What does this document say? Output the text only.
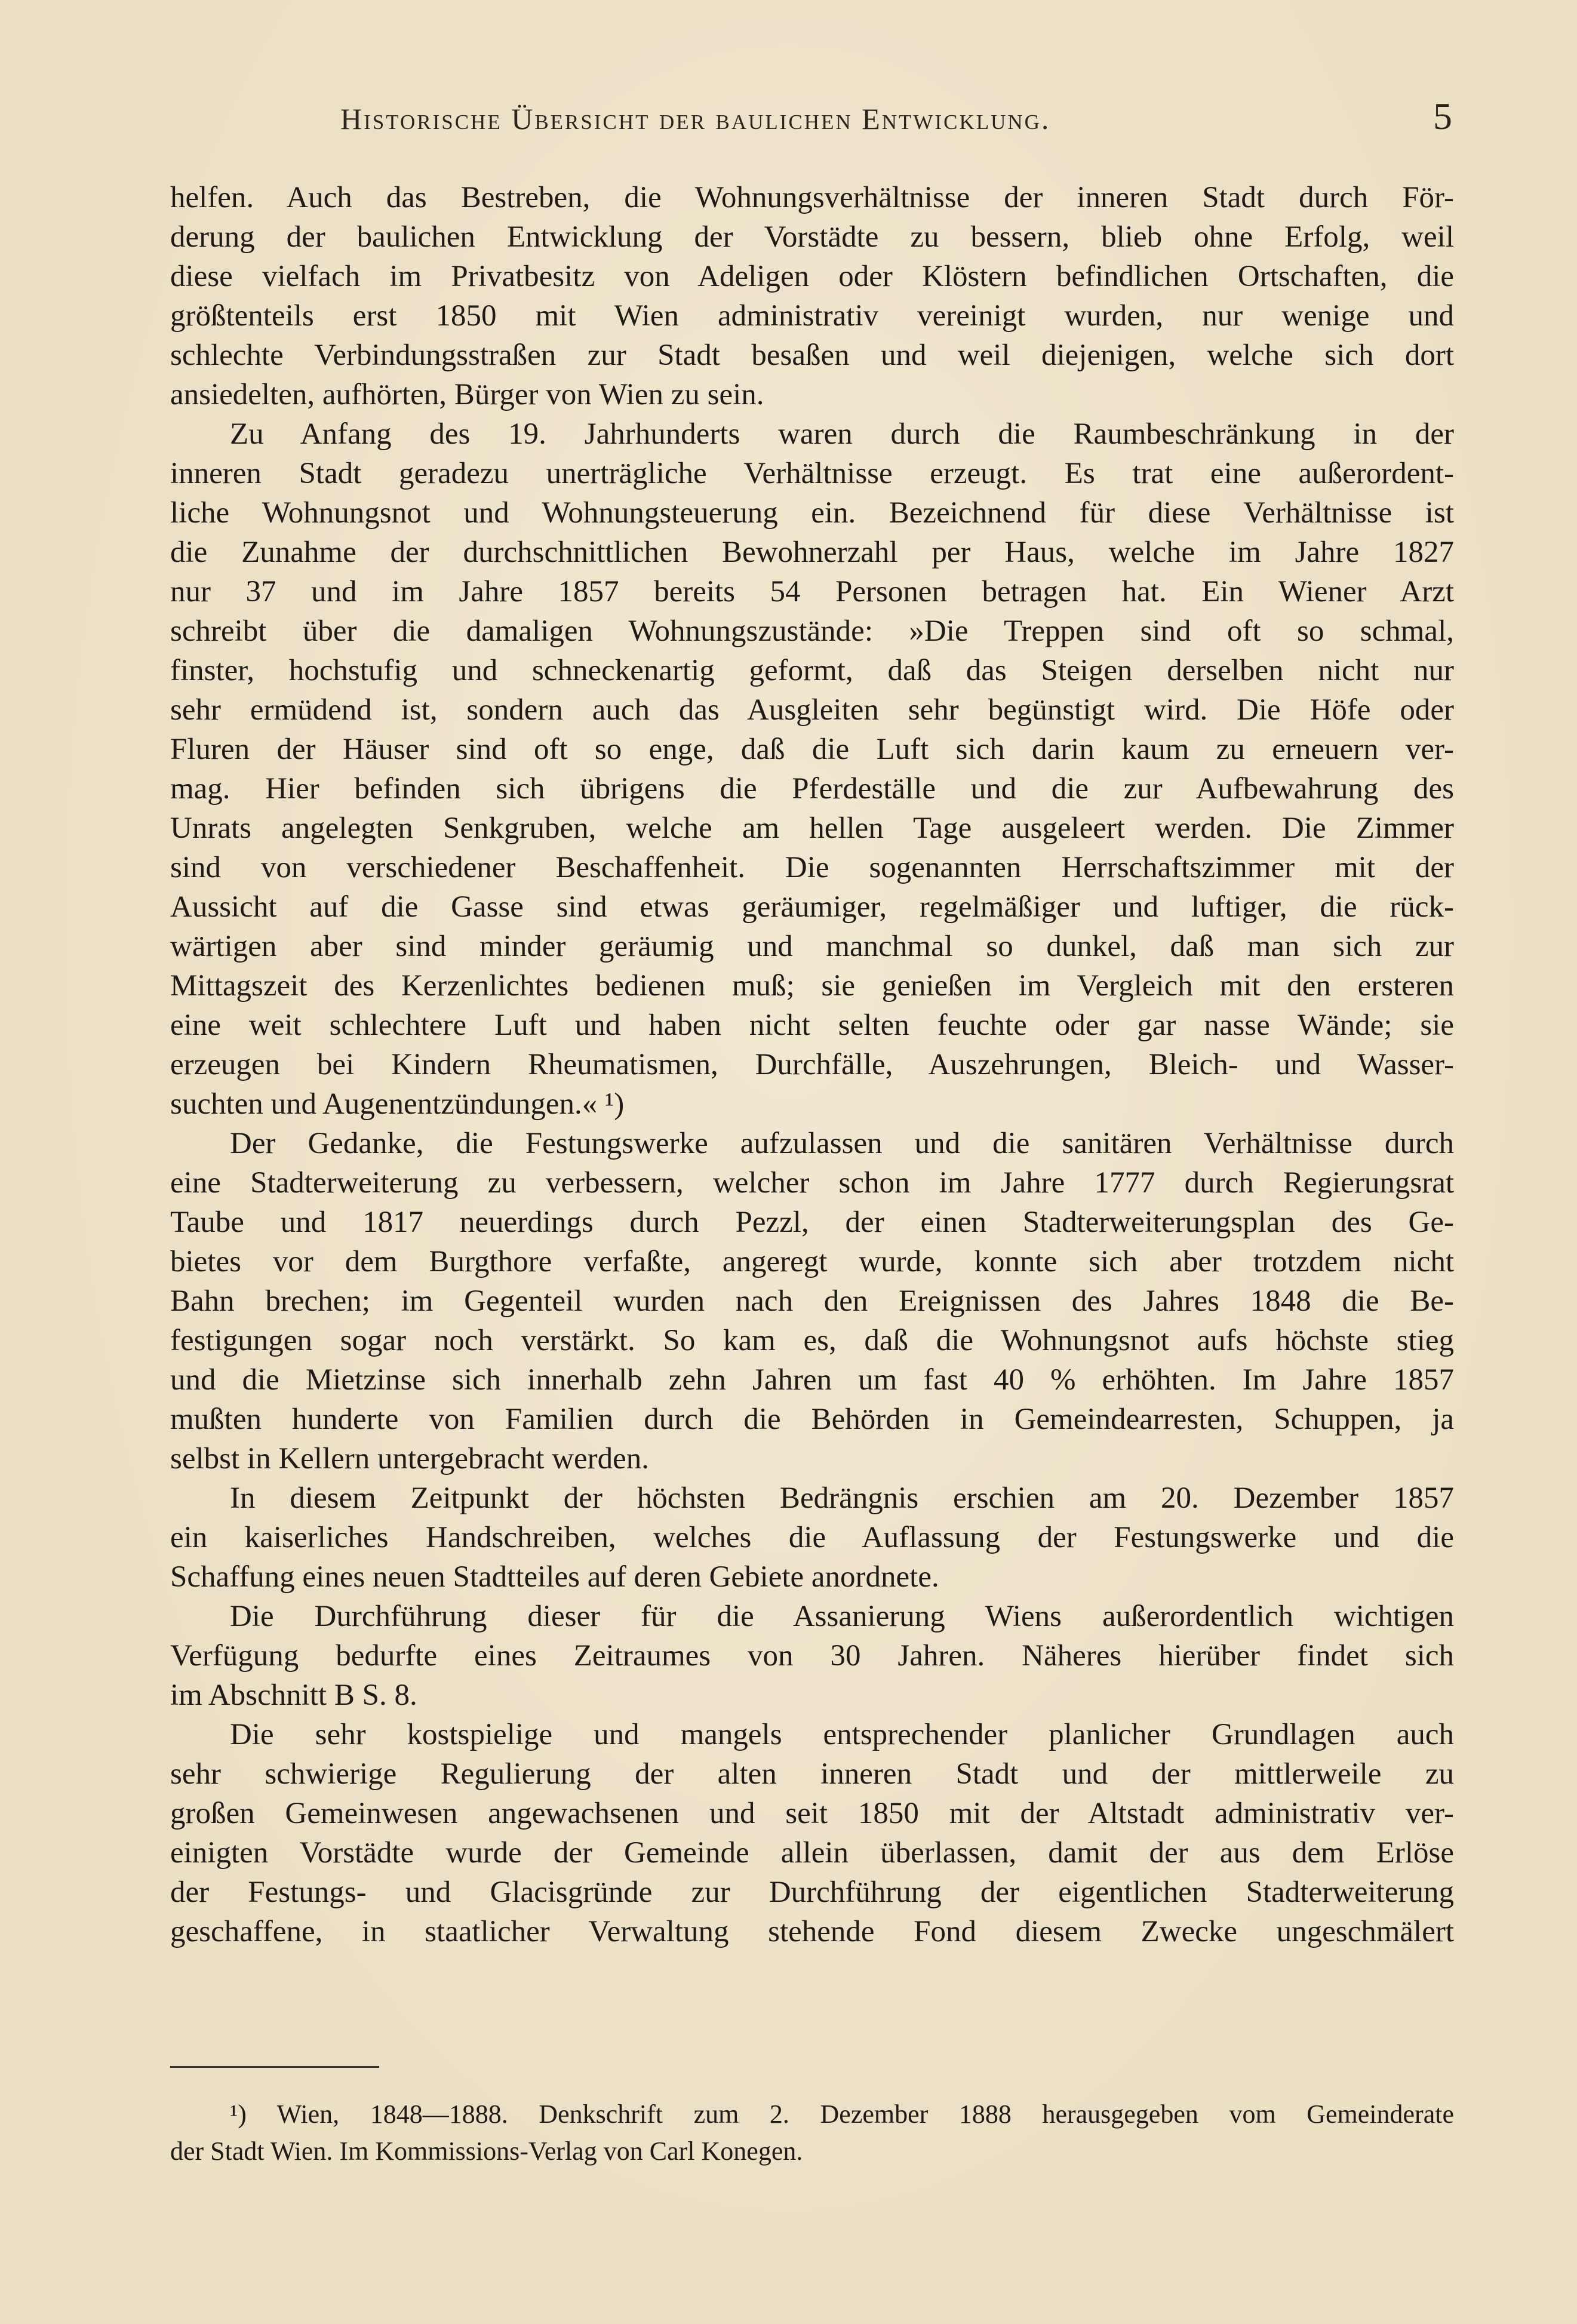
Historische Übersicht der baulichen Entwicklung.	5
helfen. Auch das Bestreben, die Wohnungsverhältnisse der inneren Stadt durch För-
derung der baulichen Entwicklung der Vorstädte zu bessern, blieb ohne Erfolg, weil
diese vielfach im Privatbesitz von Adeligen oder Klöstern befindlichen Ortschaften, die
größtenteils erst 1850 mit Wien administrativ vereinigt wurden, nur wenige und
schlechte Verbindungsstraßen zur Stadt besaßen und weil diejenigen, welche sich dort
ansiedelten, aufhörten, Bürger von Wien zu sein.
Zu Anfang des 19. Jahrhunderts waren durch die Raumbeschränkung in der
inneren Stadt geradezu unerträgliche Verhältnisse erzeugt. Es trat eine außerordent-
liche Wohnungsnot und Wohnungsteuerung ein. Bezeichnend für diese Verhältnisse ist
die Zunahme der durchschnittlichen Bewohnerzahl per Haus, welche im Jahre 1827
nur 37 und im Jahre 1857 bereits 54 Personen betragen hat. Ein Wiener Arzt
schreibt über die damaligen Wohnungszustände: »Die Treppen sind oft so schmal,
finster, hochstufig und schneckenartig geformt, daß das Steigen derselben nicht nur
sehr ermüdend ist, sondern auch das Ausgleiten sehr begünstigt wird. Die Höfe oder
Fluren der Häuser sind oft so enge, daß die Luft sich darin kaum zu erneuern ver-
mag. Hier befinden sich übrigens die Pferdeställe und die zur Aufbewahrung des
Unrats angelegten Senkgruben, welche am hellen Tage ausgeleert werden. Die Zimmer
sind von verschiedener Beschaffenheit. Die sogenannten Herrschaftszimmer mit der
Aussicht auf die Gasse sind etwas geräumiger, regelmäßiger und luftiger, die rück-
wärtigen aber sind minder geräumig und manchmal so dunkel, daß man sich zur
Mittagszeit des Kerzenlichtes bedienen muß; sie genießen im Vergleich mit den ersteren
eine weit schlechtere Luft und haben nicht selten feuchte oder gar nasse Wände; sie
erzeugen bei Kindern Rheumatismen, Durchfälle, Auszehrungen, Bleich- und Wasser-
suchten und Augenentzündungen.« ¹)
Der Gedanke, die Festungswerke aufzulassen und die sanitären Verhältnisse durch
eine Stadterweiterung zu verbessern, welcher schon im Jahre 1777 durch Regierungsrat
Taube und 1817 neuerdings durch Pezzl, der einen Stadterweiterungsplan des Ge-
bietes vor dem Burgthore verfaßte, angeregt wurde, konnte sich aber trotzdem nicht
Bahn brechen; im Gegenteil wurden nach den Ereignissen des Jahres 1848 die Be-
festigungen sogar noch verstärkt. So kam es, daß die Wohnungsnot aufs höchste stieg
und die Mietzinse sich innerhalb zehn Jahren um fast 40 % erhöhten. Im Jahre 1857
mußten hunderte von Familien durch die Behörden in Gemeindearresten, Schuppen, ja
selbst in Kellern untergebracht werden.
In diesem Zeitpunkt der höchsten Bedrängnis erschien am 20. Dezember 1857
ein kaiserliches Handschreiben, welches die Auflassung der Festungswerke und die
Schaffung eines neuen Stadtteiles auf deren Gebiete anordnete.
Die Durchführung dieser für die Assanierung Wiens außerordentlich wichtigen
Verfügung bedurfte eines Zeitraumes von 30 Jahren. Näheres hierüber findet sich
im Abschnitt B S. 8.
Die sehr kostspielige und mangels entsprechender planlicher Grundlagen auch
sehr schwierige Regulierung der alten inneren Stadt und der mittlerweile zu
großen Gemeinwesen angewachsenen und seit 1850 mit der Altstadt administrativ ver-
einigten Vorstädte wurde der Gemeinde allein überlassen, damit der aus dem Erlöse
der Festungs- und Glacisgründe zur Durchführung der eigentlichen Stadterweiterung
geschaffene, in staatlicher Verwaltung stehende Fond diesem Zwecke ungeschmälert
¹) Wien, 1848—1888. Denkschrift zum 2. Dezember 1888 herausgegeben vom Gemeinderate
der Stadt Wien. Im Kommissions-Verlag von Carl Konegen.
